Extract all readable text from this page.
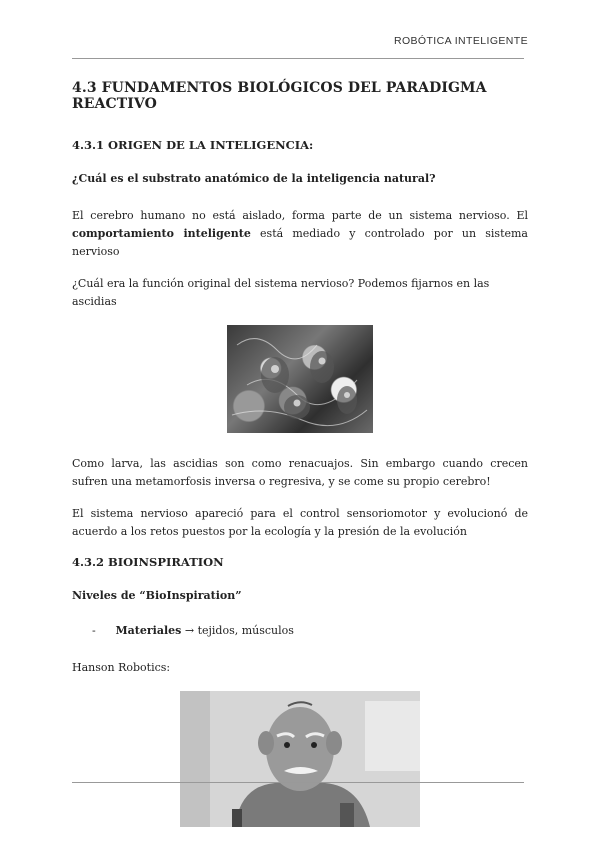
ROBÓTICA INTELIGENTE
4.3 FUNDAMENTOS BIOLÓGICOS DEL PARADIGMA REACTIVO
4.3.1 ORIGEN DE LA INTELIGENCIA:
¿Cuál es el substrato anatómico de la inteligencia natural?

El cerebro humano no está aislado, forma parte de un sistema nervioso. El comportamiento inteligente está mediado y controlado por un sistema nervioso

¿Cuál era la función original del sistema nervioso? Podemos fijarnos en las ascidias

Como larva, las ascidias son como renacuajos. Sin embargo cuando crecen sufren una metamorfosis inversa o regresiva, y se come su propio cerebro!

El sistema nervioso apareció para el control sensoriomotor y evolucionó de acuerdo a los retos puestos por la ecología y la presión de la evolución

4.3.2 BIOINSPIRATION
Niveles de “BioInspiration”
- Materiales → tejidos, músculos

Hanson Robotics:
